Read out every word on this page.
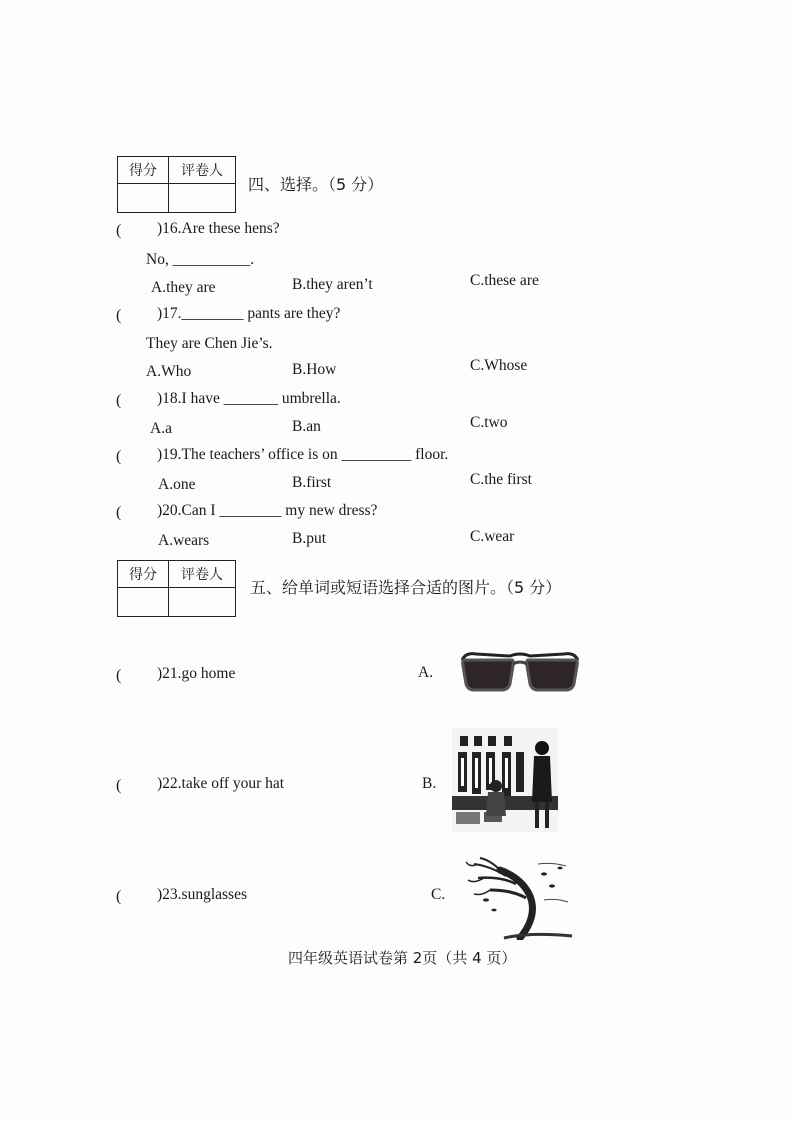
得分	评卷人

四、选择。（5 分）
( )16.Are these hens?
No, __________.
A.they are	B.they aren’t	C.these are
( )17.________ pants are they?
They are Chen Jie’s.
A.Who	B.How	C.Whose
( )18.I have _______ umbrella.
A.a	B.an	C.two
( )19.The teachers’ office is on _________ floor.
A.one	B.first	C.the first
( )20.Can I ________ my new dress?
A.wears	B.put	C.wear
得分	评卷人

五、给单词或短语选择合适的图片。（5 分）
( )21.go home	A.
( )22.take off your hat	B.
( )23.sunglasses	C.
四年级英语试卷第 2页（共 4 页）
